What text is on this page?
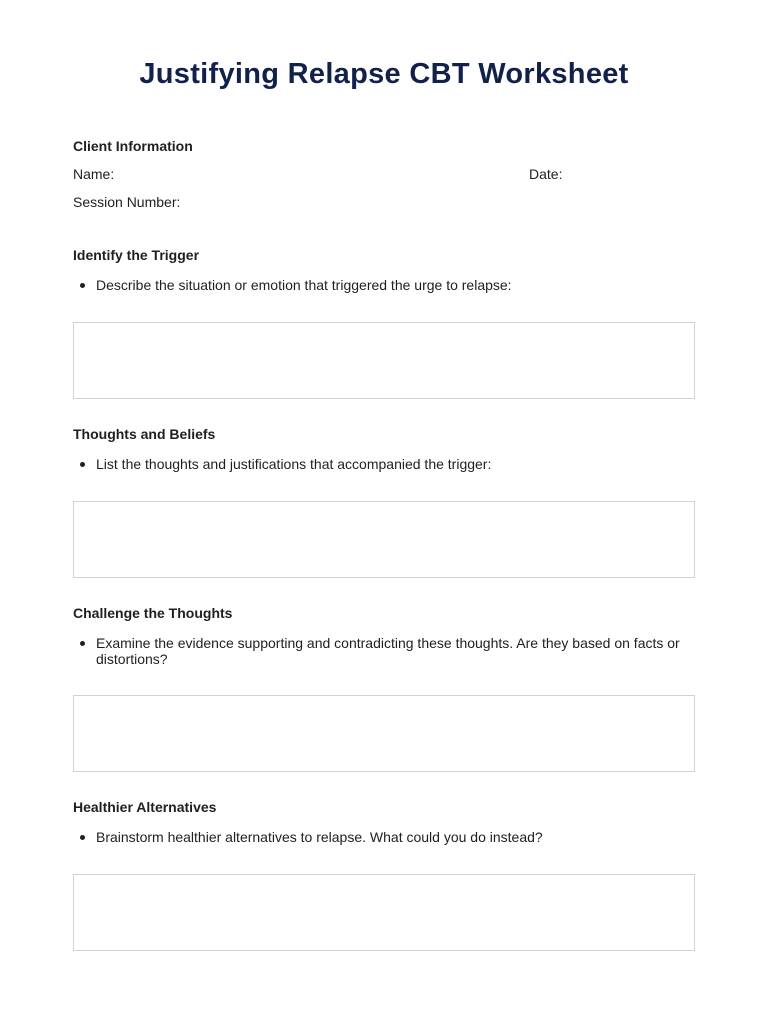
Justifying Relapse CBT Worksheet
Client Information
Name:	Date:
Session Number:
Identify the Trigger
Describe the situation or emotion that triggered the urge to relapse:
Thoughts and Beliefs
List the thoughts and justifications that accompanied the trigger:
Challenge the Thoughts
Examine the evidence supporting and contradicting these thoughts. Are they based on facts or distortions?
Healthier Alternatives
Brainstorm healthier alternatives to relapse. What could you do instead?
